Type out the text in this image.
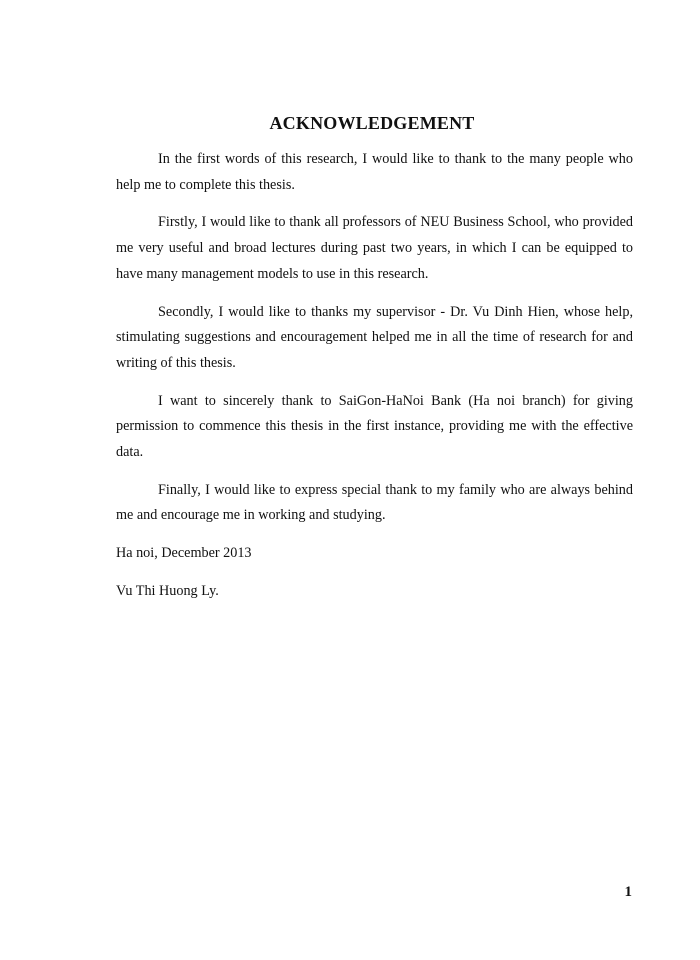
ACKNOWLEDGEMENT

In the first words of this research, I would like to thank to the many people who help me to complete this thesis.

Firstly, I would like to thank all professors of NEU Business School, who provided me very useful and broad lectures during past two years, in which I can be equipped to have many management models to use in this research.

Secondly, I would like to thanks my supervisor - Dr. Vu Dinh Hien, whose help, stimulating suggestions and encouragement helped me in all the time of research for and writing of this thesis.

I want to sincerely thank to SaiGon-HaNoi Bank (Ha noi branch) for giving permission to commence this thesis in the first instance, providing me with the effective data.

Finally, I would like to express special thank to my family who are always behind me and encourage me in working and studying.

Ha noi, December 2013

Vu Thi Huong Ly.

1
